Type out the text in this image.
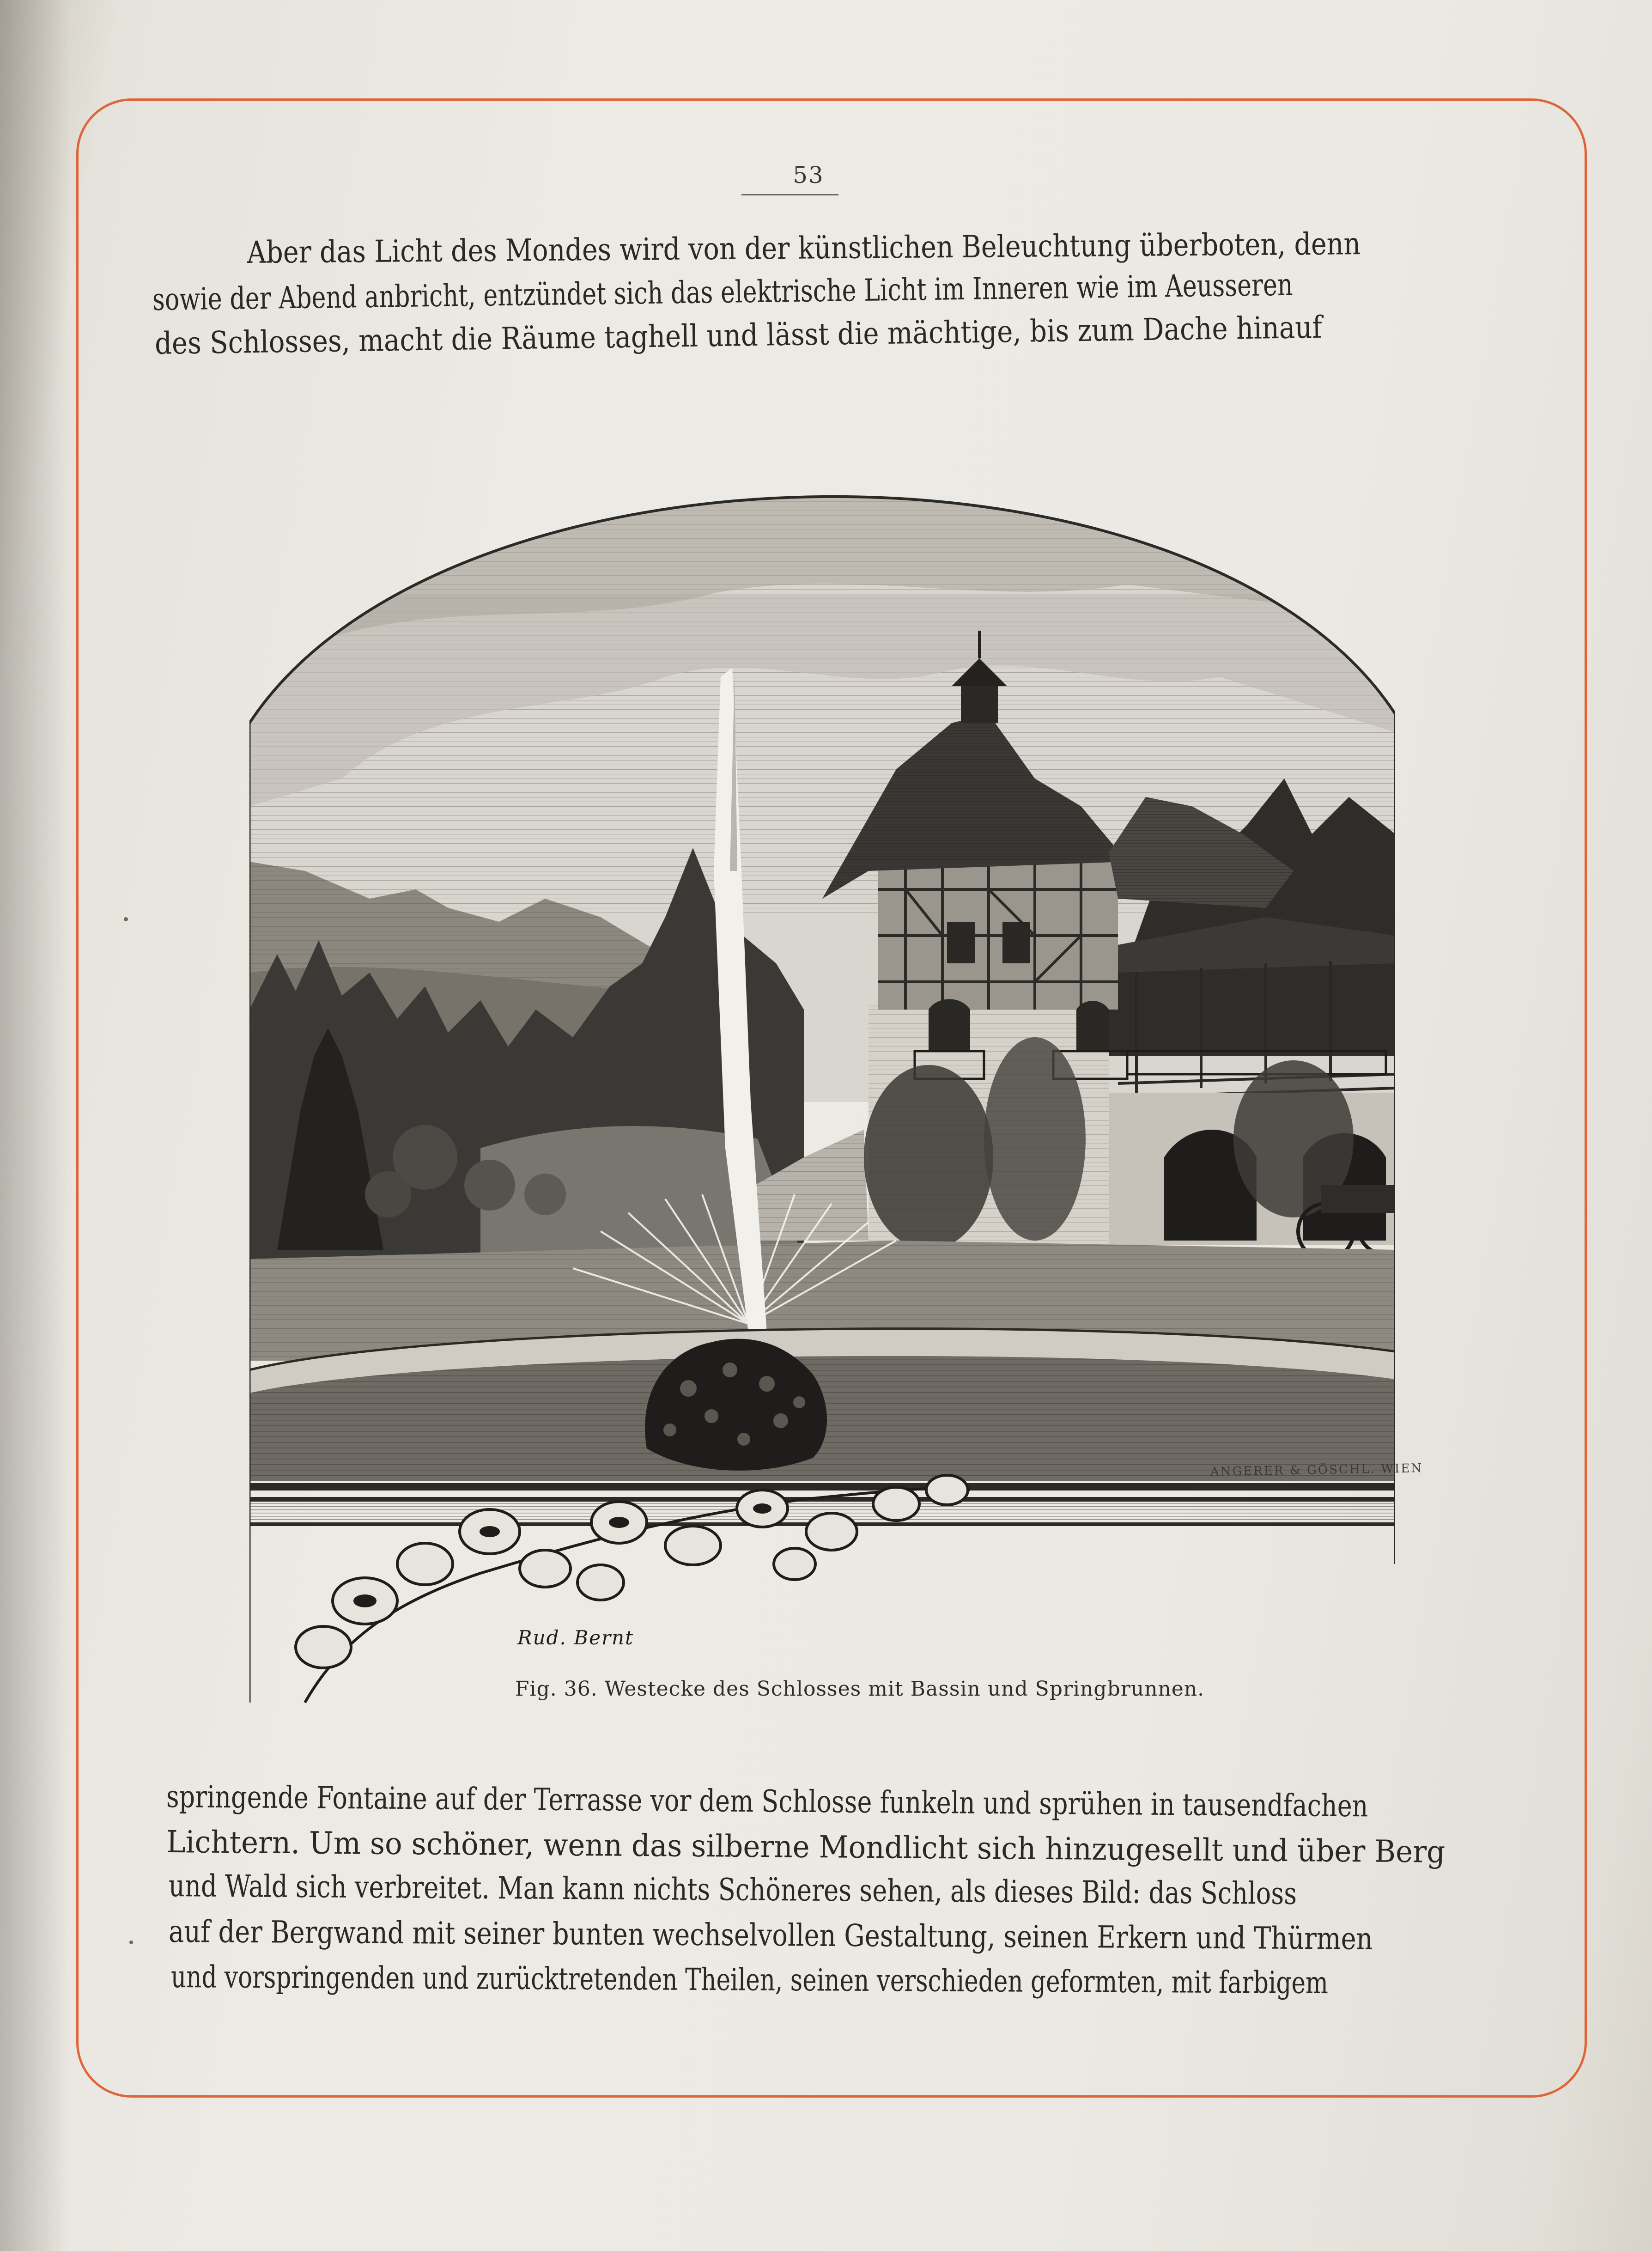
53
Aber das Licht des Mondes wird von der künstlichen Beleuchtung überboten, denn
sowie der Abend anbricht, entzündet sich das elektrische Licht im Inneren wie im Aeusseren
des Schlosses, macht die Räume taghell und lässt die mächtige, bis zum Dache hinauf
ANGERER & GÖSCHL. WIEN
Rud. Bernt
Fig. 36. Westecke des Schlosses mit Bassin und Springbrunnen.
springende Fontaine auf der Terrasse vor dem Schlosse funkeln und sprühen in tausendfachen
Lichtern. Um so schöner, wenn das silberne Mondlicht sich hinzugesellt und über Berg
und Wald sich verbreitet. Man kann nichts Schöneres sehen, als dieses Bild: das Schloss
auf der Bergwand mit seiner bunten wechselvollen Gestaltung, seinen Erkern und Thürmen
und vorspringenden und zurücktretenden Theilen, seinen verschieden geformten, mit farbigem
